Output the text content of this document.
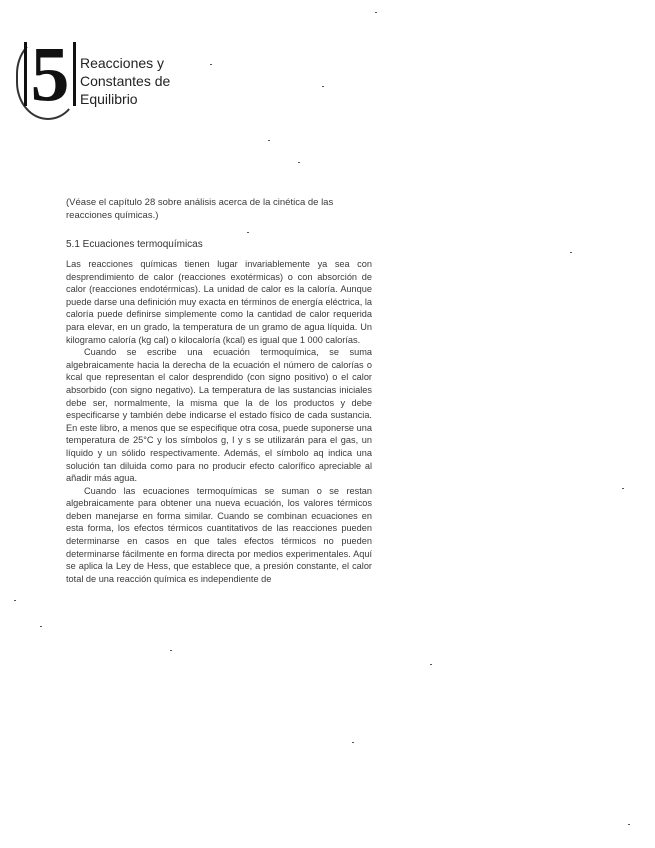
5 Reacciones y
Constantes de
Equilibrio
(Véase el capítulo 28 sobre análisis acerca de la cinética de las reacciones químicas.)
5.1 Ecuaciones termoquímicas

Las reacciones químicas tienen lugar invariablemente ya sea con desprendimiento de calor (reacciones exotérmicas) o con absorción de calor (reacciones endotérmicas). La unidad de calor es la caloría. Aunque puede darse una definición muy exacta en términos de energía eléctrica, la caloría puede definirse simplemente como la cantidad de calor requerida para elevar, en un grado, la temperatura de un gramo de agua líquida. Un kilogramo caloría (kg cal) o kilocaloría (kcal) es igual que 1 000 calorías.

Cuando se escribe una ecuación termoquímica, se suma algebraicamente hacia la derecha de la ecuación el número de calorías o kcal que representan el calor desprendido (con signo positivo) o el calor absorbido (con signo negativo). La temperatura de las sustancias iniciales debe ser, normalmente, la misma que la de los productos y debe especificarse y también debe indicarse el estado físico de cada sustancia. En este libro, a menos que se especifique otra cosa, puede suponerse una temperatura de 25°C y los símbolos g, l y s se utilizarán para el gas, un líquido y un sólido respectivamente. Además, el símbolo aq indica una solución tan diluida como para no producir efecto calorífico apreciable al añadir más agua.

Cuando las ecuaciones termoquímicas se suman o se restan algebraicamente para obtener una nueva ecuación, los valores térmicos deben manejarse en forma similar. Cuando se combinan ecuaciones en esta forma, los efectos térmicos cuantitativos de las reacciones pueden determinarse en casos en que tales efectos térmicos no pueden determinarse fácilmente en forma directa por medios experimentales. Aquí se aplica la Ley de Hess, que establece que, a presión constante, el calor total de una reacción química es independiente de
